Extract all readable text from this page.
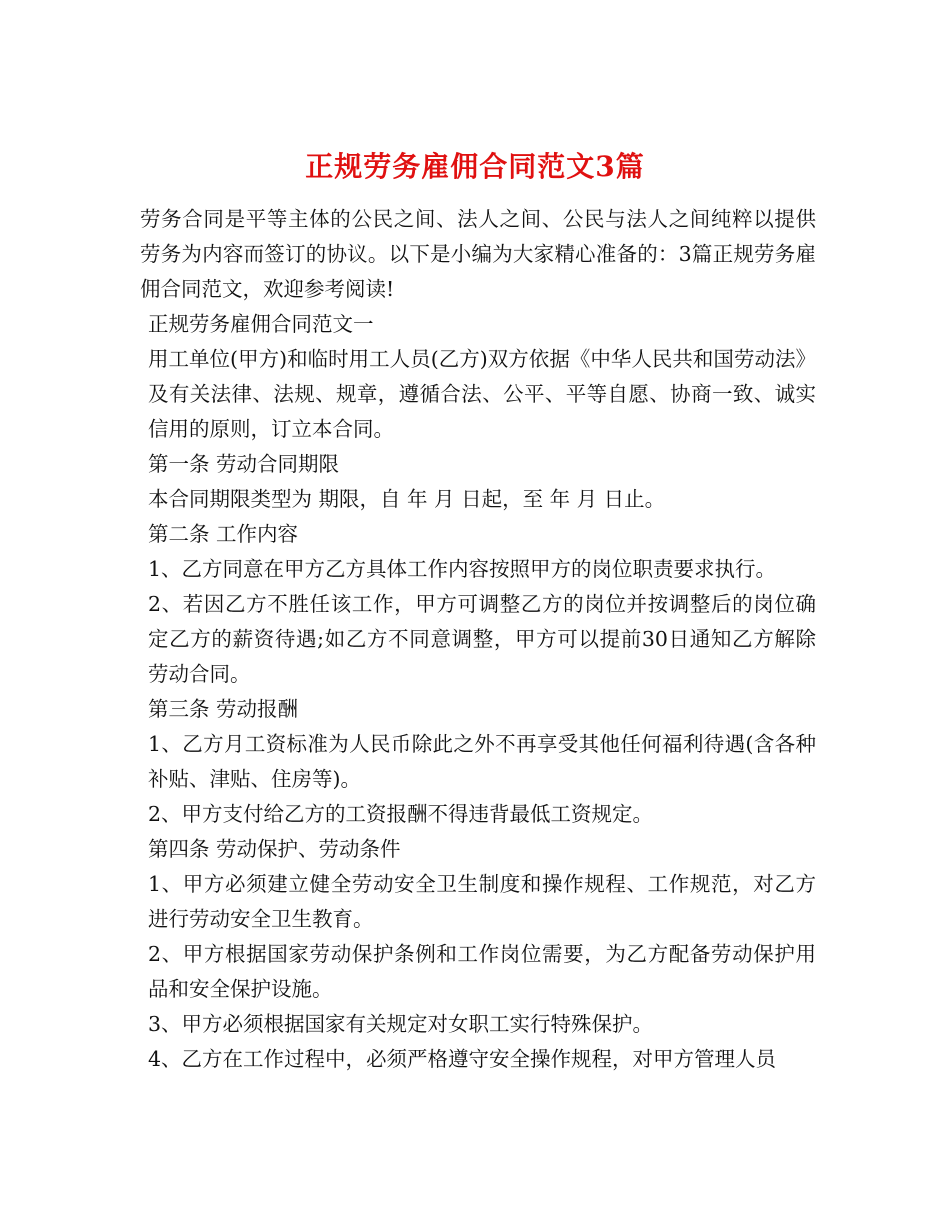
正规劳务雇佣合同范文3篇

劳务合同是平等主体的公民之间、法人之间、公民与法人之间纯粹以提供劳务为内容而签订的协议。以下是小编为大家精心准备的：3篇正规劳务雇佣合同范文，欢迎参考阅读!

正规劳务雇佣合同范文一

用工单位(甲方)和临时用工人员(乙方)双方依据《中华人民共和国劳动法》及有关法律、法规、规章，遵循合法、公平、平等自愿、协商一致、诚实信用的原则，订立本合同。

第一条 劳动合同期限

本合同期限类型为 期限，自 年 月 日起，至 年 月 日止。

第二条 工作内容

1、乙方同意在甲方乙方具体工作内容按照甲方的岗位职责要求执行。

2、若因乙方不胜任该工作，甲方可调整乙方的岗位并按调整后的岗位确定乙方的薪资待遇;如乙方不同意调整，甲方可以提前30日通知乙方解除劳动合同。

第三条 劳动报酬

1、乙方月工资标准为人民币除此之外不再享受其他任何福利待遇(含各种补贴、津贴、住房等)。

2、甲方支付给乙方的工资报酬不得违背最低工资规定。

第四条 劳动保护、劳动条件

1、甲方必须建立健全劳动安全卫生制度和操作规程、工作规范，对乙方进行劳动安全卫生教育。

2、甲方根据国家劳动保护条例和工作岗位需要，为乙方配备劳动保护用品和安全保护设施。

3、甲方必须根据国家有关规定对女职工实行特殊保护。

4、乙方在工作过程中，必须严格遵守安全操作规程，对甲方管理人员
